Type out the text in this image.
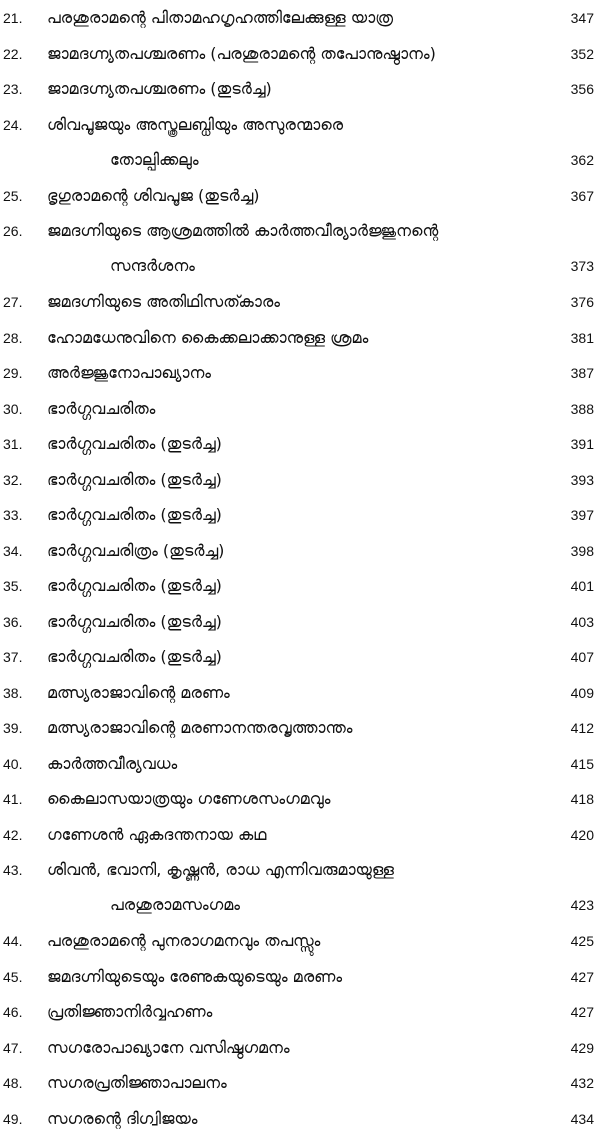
21. പരശുരാമന്റെ പിതാമഹഗൃഹത്തിലേക്കുള്ള യാത്ര	347
22. ജാമദഗ്ന്യതപശ്ചരണം (പരശുരാമന്റെ തപോനുഷ്ഠാനം)	352
23. ജാമദഗ്ന്യതപശ്ചരണം (തുടർച്ച)	356
24. ശിവപൂജയും അസ്ത്രലബ്ധിയും അസുരന്മാരെ
തോല്പിക്കലും	362
25. ഭൃഗുരാമന്റെ ശിവപൂജ (തുടർച്ച)	367
26. ജമദഗ്നിയുടെ ആശ്രമത്തിൽ കാർത്തവീര്യാർജ്ജുനന്റെ
സന്ദർശനം	373
27. ജമദഗ്നിയുടെ അതിഥിസത്കാരം	376
28. ഹോമധേനുവിനെ കൈക്കലാക്കാനുള്ള ശ്രമം	381
29. അർജ്ജുനോപാഖ്യാനം	387
30. ഭാർഗ്ഗവചരിതം	388
31. ഭാർഗ്ഗവചരിതം (തുടർച്ച)	391
32. ഭാർഗ്ഗവചരിതം (തുടർച്ച)	393
33. ഭാർഗ്ഗവചരിതം (തുടർച്ച)	397
34. ഭാർഗ്ഗവചരിത്രം (തുടർച്ച)	398
35. ഭാർഗ്ഗവചരിതം (തുടർച്ച)	401
36. ഭാർഗ്ഗവചരിതം (തുടർച്ച)	403
37. ഭാർഗ്ഗവചരിതം (തുടർച്ച)	407
38. മത്സ്യരാജാവിന്റെ മരണം	409
39. മത്സ്യരാജാവിന്റെ മരണാനന്തരവൃത്താന്തം	412
40. കാർത്തവീര്യവധം	415
41. കൈലാസയാത്രയും ഗണേശസംഗമവും	418
42. ഗണേശൻ ഏകദന്തനായ കഥ	420
43. ശിവൻ, ഭവാനി, കൃഷ്ണൻ, രാധ എന്നിവരുമായുള്ള
പരശുരാമസംഗമം	423
44. പരശുരാമന്റെ പുനരാഗമനവും തപസ്സും	425
45. ജമദഗ്നിയുടെയും രേണുകയുടെയും മരണം	427
46. പ്രതിജ്ഞാനിർവ്വഹണം	427
47. സഗരോപാഖ്യാനേ വസിഷ്ഠഗമനം	429
48. സഗരപ്രതിജ്ഞാപാലനം	432
49. സഗരന്റെ ദിഗ്വിജയം	434
